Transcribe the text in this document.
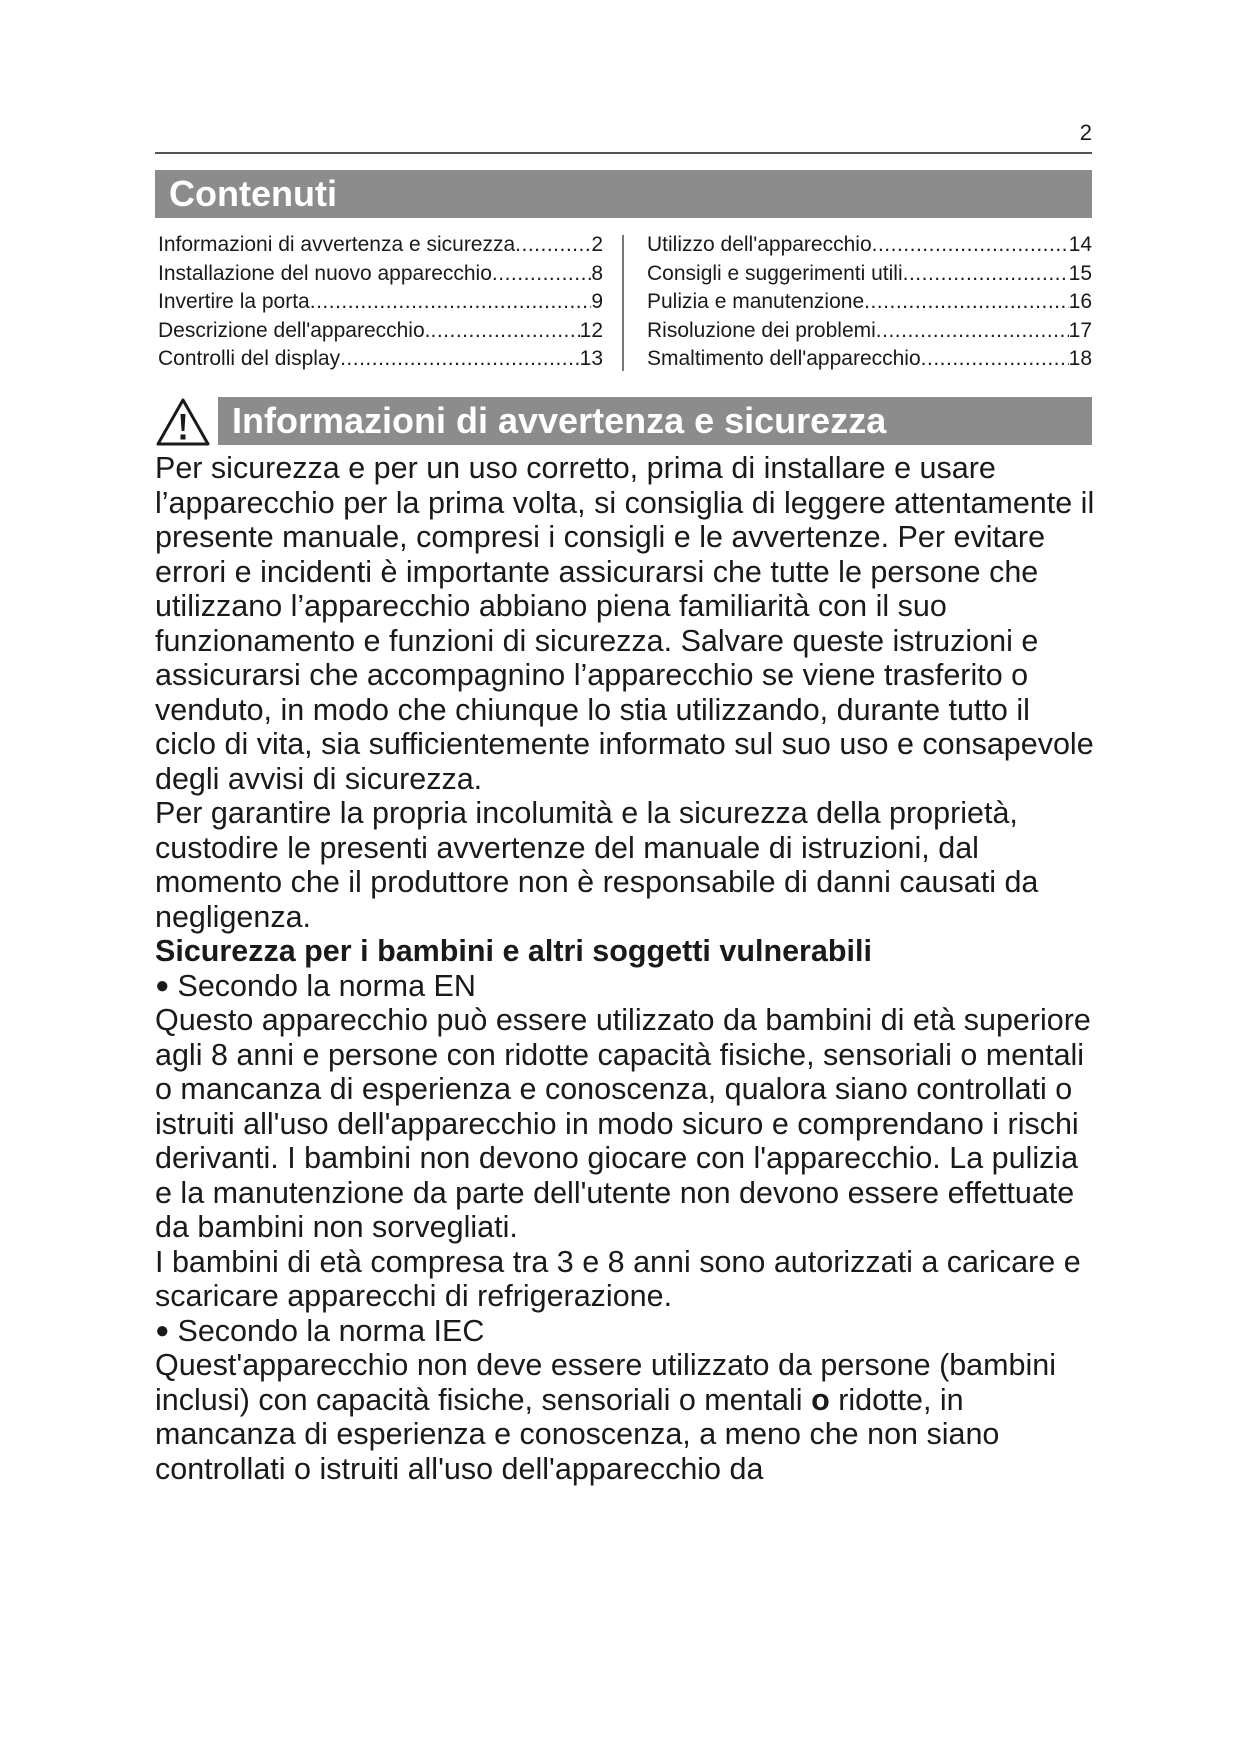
2
Contenuti
Informazioni di avvertenza e sicurezza .....	2
Installazione del nuovo apparecchio .....	8
Invertire la porta .....	9
Descrizione dell'apparecchio. .....	12
Controlli del display .....	13
Utilizzo dell'apparecchio .....	14
Consigli e suggerimenti utili .....	15
Pulizia e manutenzione .....	16
Risoluzione dei problemi .....	17
Smaltimento dell'apparecchio .....	18
Informazioni di avvertenza e sicurezza

Per sicurezza e per un uso corretto, prima di installare e usare l’apparecchio per la prima volta, si consiglia di leggere attentamente il presente manuale, compresi i consigli e le avvertenze. Per evitare errori e incidenti è importante assicurarsi che tutte le persone che utilizzano l’apparecchio abbiano piena familiarità con il suo funzionamento e funzioni di sicurezza. Salvare queste istruzioni e assicurarsi che accompagnino l’apparecchio se viene trasferito o venduto, in modo che chiunque lo stia utilizzando, durante tutto il ciclo di vita, sia sufficientemente informato sul suo uso e consapevole degli avvisi di sicurezza.

Per garantire la propria incolumità e la sicurezza della proprietà, custodire le presenti avvertenze del manuale di istruzioni, dal momento che il produttore non è responsabile di danni causati da negligenza.

Sicurezza per i bambini e altri soggetti vulnerabili

● Secondo la norma EN

Questo apparecchio può essere utilizzato da bambini di età superiore agli 8 anni e persone con ridotte capacità fisiche, sensoriali o mentali o mancanza di esperienza e conoscenza, qualora siano controllati o istruiti all'uso dell'apparecchio in modo sicuro e comprendano i rischi derivanti. I bambini non devono giocare con l'apparecchio. La pulizia e la manutenzione da parte dell'utente non devono essere effettuate da bambini non sorvegliati.

I bambini di età compresa tra 3 e 8 anni sono autorizzati a caricare e scaricare apparecchi di refrigerazione.

● Secondo la norma IEC

Quest'apparecchio non deve essere utilizzato da persone (bambini inclusi) con capacità fisiche, sensoriali o mentali o ridotte, in mancanza di esperienza e conoscenza, a meno che non siano controllati o istruiti all'uso dell'apparecchio da
